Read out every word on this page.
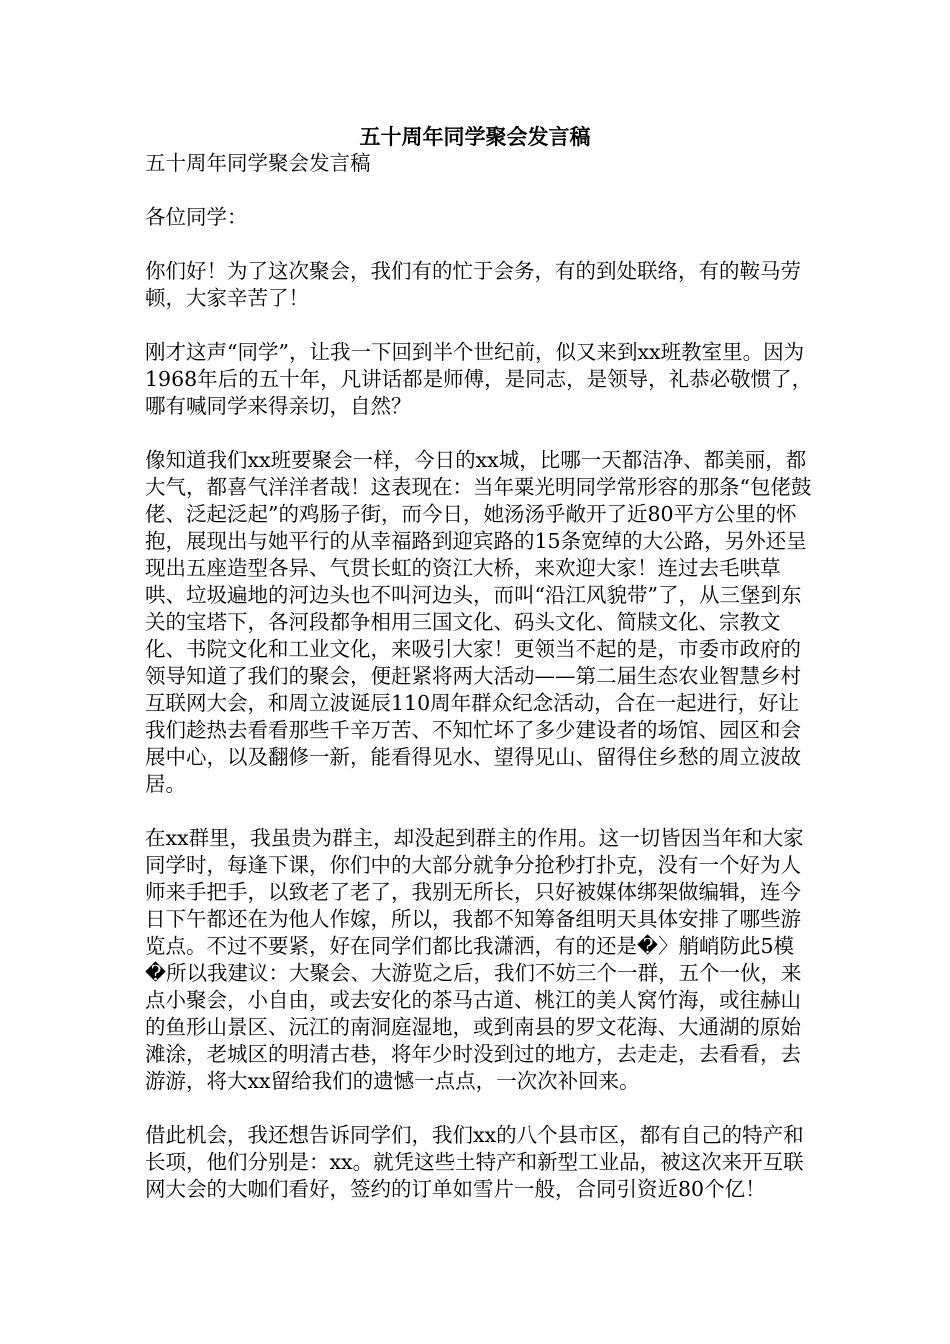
五十周年同学聚会发言稿

五十周年同学聚会发言稿

各位同学：

你们好！为了这次聚会，我们有的忙于会务，有的到处联络，有的鞍马劳顿，大家辛苦了！

刚才这声“同学”，让我一下回到半个世纪前，似又来到xx班教室里。因为1968年后的五十年，凡讲话都是师傅，是同志，是领导，礼恭必敬惯了，哪有喊同学来得亲切，自然？

像知道我们xx班要聚会一样，今日的xx城，比哪一天都洁净、都美丽，都大气，都喜气洋洋者哉！这表现在：当年粟光明同学常形容的那条“包佬鼓佬、泛起泛起”的鸡肠子街，而今日，她汤汤乎敞开了近80平方公里的怀抱，展现出与她平行的从幸福路到迎宾路的15条宽绰的大公路，另外还呈现出五座造型各异、气贯长虹的资江大桥，来欢迎大家！连过去毛哄草哄、垃圾遍地的河边头也不叫河边头，而叫“沿江风貌带”了，从三堡到东关的宝塔下，各河段都争相用三国文化、码头文化、简牍文化、宗教文化、书院文化和工业文化，来吸引大家！更领当不起的是，市委市政府的领导知道了我们的聚会，便赶紧将两大活动——第二届生态农业智慧乡村互联网大会，和周立波诞辰110周年群众纪念活动，合在一起进行，好让我们趁热去看看那些千辛万苦、不知忙坏了多少建设者的场馆、园区和会展中心，以及翻修一新，能看得见水、望得见山、留得住乡愁的周立波故居。

在xx群里，我虽贵为群主，却没起到群主的作用。这一切皆因当年和大家同学时，每逢下课，你们中的大部分就争分抢秒打扑克，没有一个好为人师来手把手，以致老了老了，我别无所长，只好被媒体绑架做编辑，连今日下午都还在为他人作嫁，所以，我都不知筹备组明天具体安排了哪些游览点。不过不要紧，好在同学们都比我潇洒，有的还是�〉艄峭防此5模�所以我建议：大聚会、大游览之后，我们不妨三个一群，五个一伙，来点小聚会，小自由，或去安化的茶马古道、桃江的美人窝竹海，或往赫山的鱼形山景区、沅江的南洞庭湿地，或到南县的罗文花海、大通湖的原始滩涂，老城区的明清古巷，将年少时没到过的地方，去走走，去看看，去游游，将大xx留给我们的遗憾一点点，一次次补回来。

借此机会，我还想告诉同学们，我们xx的八个县市区，都有自己的特产和长项，他们分别是：xx。就凭这些土特产和新型工业品，被这次来开互联网大会的大咖们看好，签约的订单如雪片一般，合同引资近80个亿！
